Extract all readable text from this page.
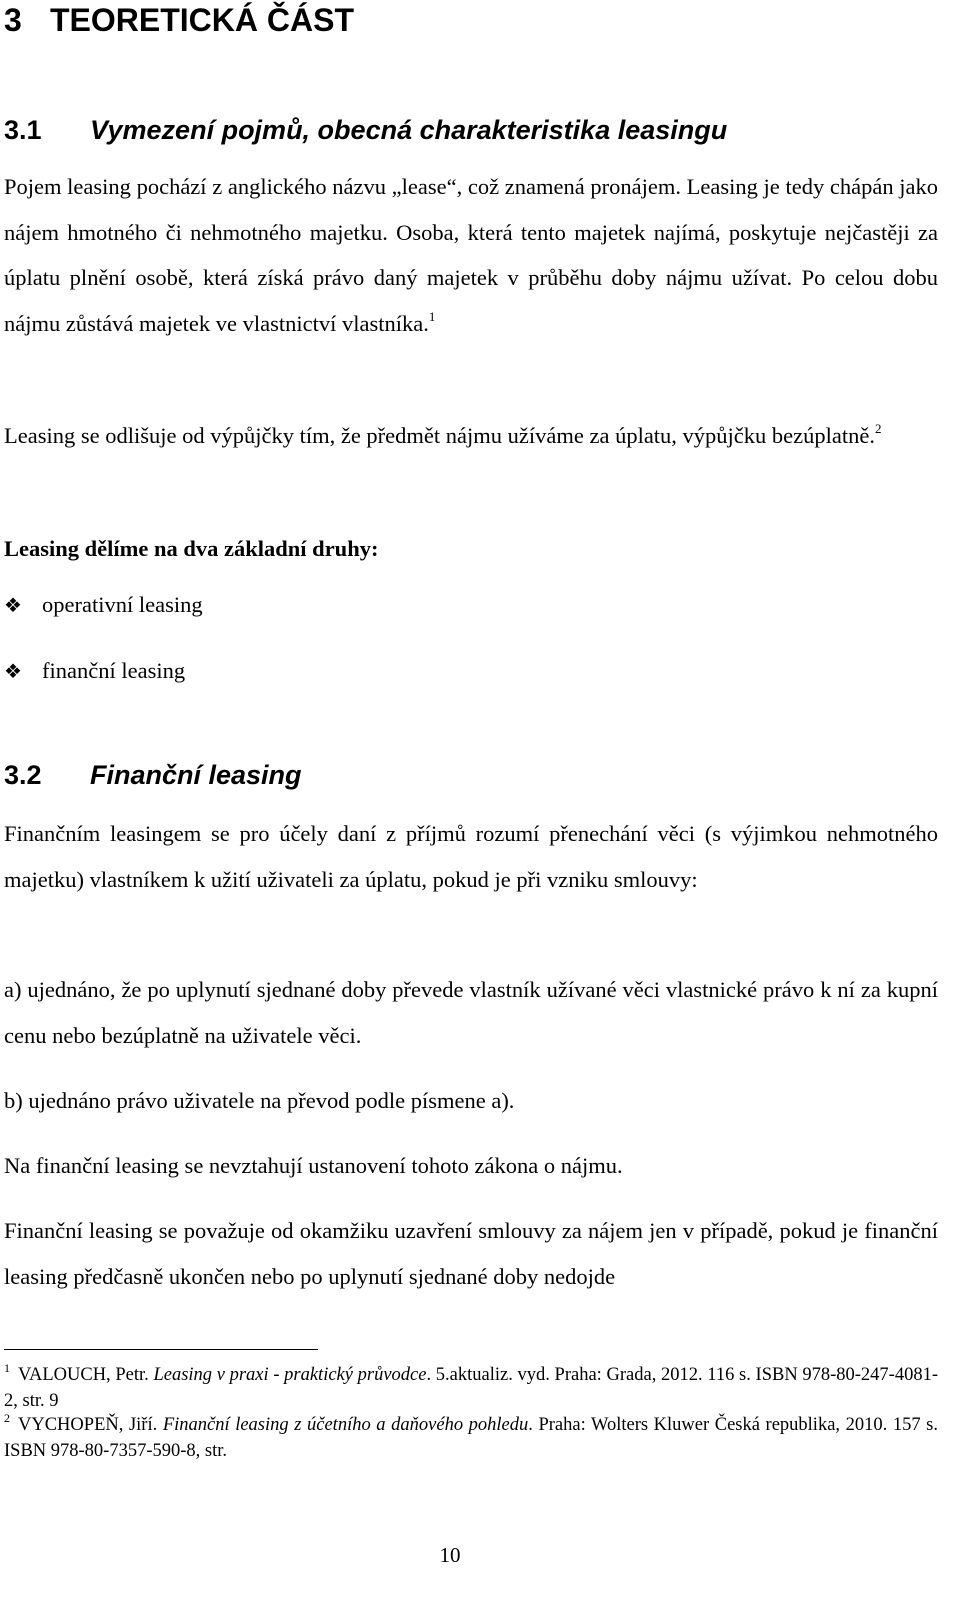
3 TEORETICKÁ ČÁST
3.1 Vymezení pojmů, obecná charakteristika leasingu
Pojem leasing pochází z anglického názvu „lease“, což znamená pronájem. Leasing je tedy chápán jako nájem hmotného či nehmotného majetku. Osoba, která tento majetek najímá, poskytuje nejčastěji za úplatu plnění osobě, která získá právo daný majetek v průběhu doby nájmu užívat. Po celou dobu nájmu zůstává majetek ve vlastnictví vlastníka.$^1$
Leasing se odlišuje od výpůjčky tím, že předmět nájmu užíváme za úplatu, výpůjčku bezúplatně.$^2$
Leasing dělíme na dva základní druhy:
❖ operativní leasing
❖ finanční leasing
3.2 Finanční leasing
Finančním leasingem se pro účely daní z příjmů rozumí přenechání věci (s výjimkou nehmotného majetku) vlastníkem k užití uživateli za úplatu, pokud je při vzniku smlouvy:
a) ujednáno, že po uplynutí sjednané doby převede vlastník užívané věci vlastnické právo k ní za kupní cenu nebo bezúplatně na uživatele věci.
b) ujednáno právo uživatele na převod podle písmene a).
Na finanční leasing se nevztahují ustanovení tohoto zákona o nájmu.
Finanční leasing se považuje od okamžiku uzavření smlouvy za nájem jen v případě, pokud je finanční leasing předčasně ukončen nebo po uplynutí sjednané doby nedojde
$^1$ VALOUCH, Petr. Leasing v praxi - praktický průvodce. 5.aktualiz. vyd. Praha: Grada, 2012. 116 s. ISBN 978-80-247-4081-2, str. 9
$^2$ VYCHOPEŇ, Jiří. Finanční leasing z účetního a daňového pohledu. Praha: Wolters Kluwer Česká republika, 2010. 157 s. ISBN 978-80-7357-590-8, str.
10
